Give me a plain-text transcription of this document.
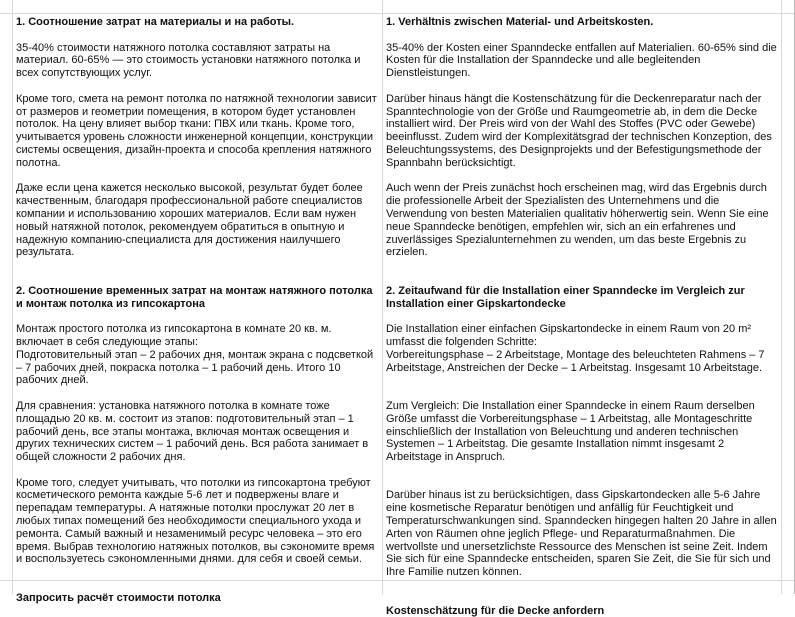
1. Соотношение затрат на материалы и на работы.

35-40% стоимости натяжного потолка составляют затраты на материал. 60-65% — это стоимость установки натяжного потолка и всех сопутствующих услуг.

Кроме того, смета на ремонт потолка по натяжной технологии зависит от размеров и геометрии помещения, в котором будет установлен потолок. На цену влияет выбор ткани: ПВХ или ткань. Кроме того, учитывается уровень сложности инженерной концепции, конструкции системы освещения, дизайн-проекта и способа крепления натяжного полотна.

Даже если цена кажется несколько высокой, результат будет более качественным, благодаря профессиональной работе специалистов компании и использованию хороших материалов. Если вам нужен новый натяжной потолок, рекомендуем обратиться в опытную и надежную компанию-специалиста для достижения наилучшего результата.

2. Соотношение временных затрат на монтаж натяжного потолка и монтаж потолка из гипсокартона

Монтаж простого потолка из гипсокартона в комнате 20 кв. м. включает в себя следующие этапы:
Подготовительный этап – 2 рабочих дня, монтаж экрана с подсветкой – 7 рабочих дней, покраска потолка – 1 рабочий день. Итого 10 рабочих дней.

Для сравнения: установка натяжного потолка в комнате тоже площадью 20 кв. м. состоит из этапов: подготовительный этап – 1 рабочий день, все этапы монтажа, включая монтаж освещения и других технических систем – 1 рабочий день. Вся работа занимает в общей сложности 2 рабочих дня.

Кроме того, следует учитывать, что потолки из гипсокартона требуют косметического ремонта каждые 5-6 лет и подвержены влаге и перепадам температуры. А натяжные потолки прослужат 20 лет в любых типах помещений без необходимости специального ухода и ремонта. Самый важный и незаменимый ресурс человека – это его время. Выбрав технологию натяжных потолков, вы сэкономите время и воспользуетесь сэкономленными днями. для себя и своей семьи.

Запросить расчёт стоимости потолка
1. Verhältnis zwischen Material- und Arbeitskosten.

35-40% der Kosten einer Spanndecke entfallen auf Materialien. 60-65% sind die Kosten für die Installation der Spanndecke und alle begleitenden Dienstleistungen.

Darüber hinaus hängt die Kostenschätzung für die Deckenreparatur nach der Spanntechnologie von der Größe und Raumgeometrie ab, in dem die Decke installiert wird. Der Preis wird von der Wahl des Stoffes (PVC oder Gewebe) beeinflusst. Zudem wird der Komplexitätsgrad der technischen Konzeption, des Beleuchtungssystems, des Designprojekts und der Befestigungsmethode der Spannbahn berücksichtigt.

Auch wenn der Preis zunächst hoch erscheinen mag, wird das Ergebnis durch die professionelle Arbeit der Spezialisten des Unternehmens und die Verwendung von besten Materialien qualitativ höherwertig sein. Wenn Sie eine neue Spanndecke benötigen, empfehlen wir, sich an ein erfahrenes und zuverlässiges Spezialunternehmen zu wenden, um das beste Ergebnis zu erzielen.

2. Zeitaufwand für die Installation einer Spanndecke im Vergleich zur Installation einer Gipskartondecke

Die Installation einer einfachen Gipskartondecke in einem Raum von 20 m² umfasst die folgenden Schritte:
Vorbereitungsphase – 2 Arbeitstage, Montage des beleuchteten Rahmens – 7 Arbeitstage, Anstreichen der Decke – 1 Arbeitstag. Insgesamt 10 Arbeitstage.

Zum Vergleich: Die Installation einer Spanndecke in einem Raum derselben Größe umfasst die Vorbereitungsphase – 1 Arbeitstag, alle Montageschritte einschließlich der Installation von Beleuchtung und anderen technischen Systemen – 1 Arbeitstag. Die gesamte Installation nimmt insgesamt 2 Arbeitstage in Anspruch.

Darüber hinaus ist zu berücksichtigen, dass Gipskartondecken alle 5-6 Jahre eine kosmetische Reparatur benötigen und anfällig für Feuchtigkeit und Temperaturschwankungen sind. Spanndecken hingegen halten 20 Jahre in allen Arten von Räumen ohne jeglich Pflege- und Reparaturmaßnahmen. Die wertvollste und unersetzlichste Ressource des Menschen ist seine Zeit. Indem Sie sich für eine Spanndecke entscheiden, sparen Sie Zeit, die Sie für sich und Ihre Familie nutzen können.

Kostenschätzung für die Decke anfordern
